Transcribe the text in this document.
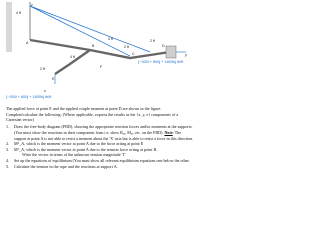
z
A
B
C
D
E
F
4 ft
3 ft
2 ft
4 ft
2 ft
2 ft
y
x
{−300i + 600j + 1800k} lb/ft
{−300i + 600j + 1800k} lb/ft

The applied force at point E and the applied couple moment at point D are shown in the figure. Complete/calculate the following: (Where applicable, express the results as the {x, y, z} components of a Cartesian vector)

1.	Draw the free-body diagram (FBD), showing the appropriate reaction forces and/or moments at the supports. (You must show the reactions in their component form i.e. show Rₐₓ, Mₐᵧ, etc. on the FBD). Note: The support at point A is not able to resist a moment about the 'X' axis but is able to resist a force in this direction.
2.	Mᴱ_A, which is the moment vector at point A due to the force acting at point E
3.	Mᵀ_A, which is the moment vector at point A due to the tension force acting at point B.
Write the vector in terms of the unknown tension magnitude 'T'
4.	Set up the equations of equilibrium (You must show all relevant equilibrium equations one below the other.
5.	Calculate the tension in the rope and the reactions at support A.
